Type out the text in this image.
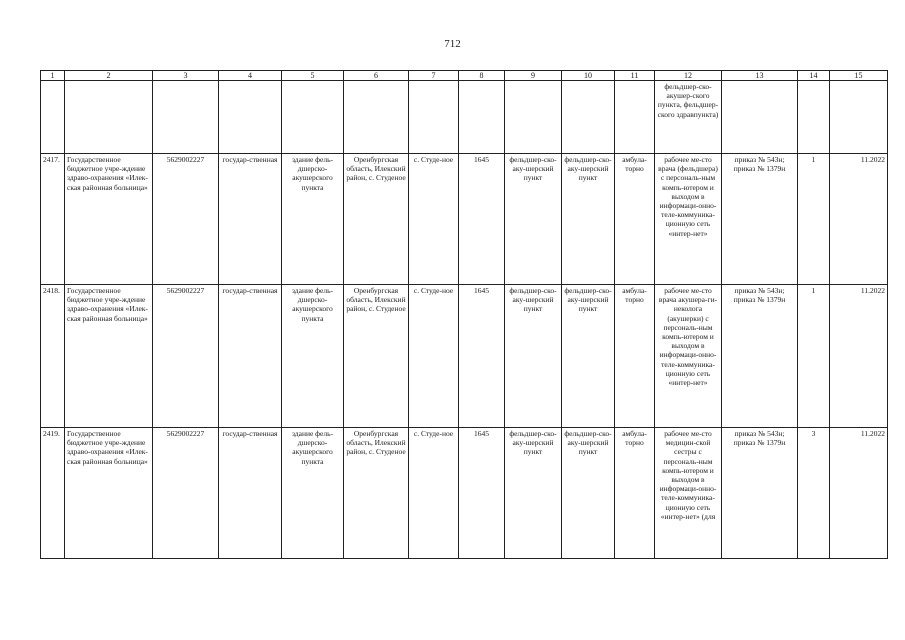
712
1	2	3	4	5	6	7	8	9	10	11	12	13	14	15
											фельдшер-ско-акушер-ского пункта, фельдшер-ского здравпункта)			
2417.	Государственное бюджетное учре-ждение здраво-охранения «Илек-ская районная больница»	5629002227	государ-ственная	здание фель-дшерско-акушерского пункта	Оренбургская область, Илекский район, с. Студеное	с. Студе-ное	1645	фельдшер-ско-аку-шерский пункт	фельдшер-ско-аку-шерский пункт	амбула-торно	рабочее ме-сто врача (фельдшера) с персональ-ным компь-ютером и выходом в информаци-онно-теле-коммуника-ционную сеть «интер-нет»	приказ № 543н; приказ № 1379н	1	11.2022
2418.	Государственное бюджетное учре-ждение здраво-охранения «Илек-ская районная больница»	5629002227	государ-ственная	здание фель-дшерско-акушерского пункта	Оренбургская область, Илекский район, с. Студеное	с. Студе-ное	1645	фельдшер-ско-аку-шерский пункт	фельдшер-ско-аку-шерский пункт	амбула-торно	рабочее ме-сто врача акушера-ги-неколога (акушерки) с персональ-ным компь-ютером и выходом в информаци-онно-теле-коммуника-ционную сеть «интер-нет»	приказ № 543н; приказ № 1379н	1	11.2022
2419.	Государственное бюджетное учре-ждение здраво-охранения «Илек-ская районная больница»	5629002227	государ-ственная	здание фель-дшерско-акушерского пункта	Оренбургская область, Илекский район, с. Студеное	с. Студе-ное	1645	фельдшер-ско-аку-шерский пункт	фельдшер-ско-аку-шерский пункт	амбула-торно	рабочее ме-сто медицин-ской сестры с персональ-ным компь-ютером и выходом в информаци-онно-теле-коммуника-ционную сеть «интер-нет» (для	приказ № 543н; приказ № 1379н	3	11.2022
